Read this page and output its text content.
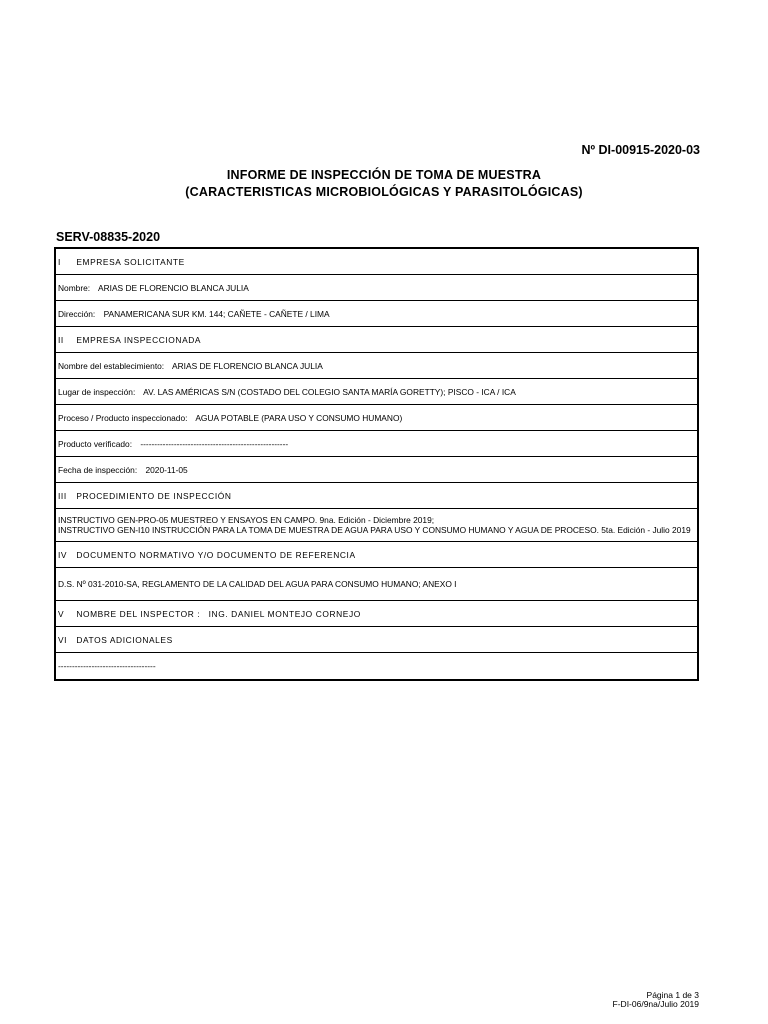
Nº DI-00915-2020-03
INFORME DE INSPECCIÓN DE TOMA DE MUESTRA
(CARACTERISTICAS MICROBIOLÓGICAS Y PARASITOLÓGICAS)
SERV-08835-2020
I EMPRESA SOLICITANTE
Nombre: ARIAS DE FLORENCIO BLANCA JULIA
Dirección: PANAMERICANA SUR KM. 144; CAÑETE - CAÑETE / LIMA
II EMPRESA INSPECCIONADA
Nombre del establecimiento: ARIAS DE FLORENCIO BLANCA JULIA
Lugar de inspección: AV. LAS AMÉRICAS S/N (COSTADO DEL COLEGIO SANTA MARÍA GORETTY); PISCO - ICA / ICA
Proceso / Producto inspeccionado: AGUA POTABLE (PARA USO Y CONSUMO HUMANO)
Producto verificado: -----------------------------------------------------
Fecha de inspección: 2020-11-05
III PROCEDIMIENTO DE INSPECCIÓN

INSTRUCTIVO GEN-PRO-05 MUESTREO Y ENSAYOS EN CAMPO. 9na. Edición - Diciembre 2019;
INSTRUCTIVO GEN-I10 INSTRUCCIÓN PARA LA TOMA DE MUESTRA DE AGUA PARA USO Y CONSUMO HUMANO Y AGUA DE PROCESO. 5ta. Edición - Julio 2019

IV DOCUMENTO NORMATIVO Y/O DOCUMENTO DE REFERENCIA
D.S. Nº 031-2010-SA, REGLAMENTO DE LA CALIDAD DEL AGUA PARA CONSUMO HUMANO; ANEXO I
V NOMBRE DEL INSPECTOR : ING. DANIEL MONTEJO CORNEJO
VI DATOS ADICIONALES
-----------------------------------
Página 1 de 3
F-DI-06/9na/Julio 2019
